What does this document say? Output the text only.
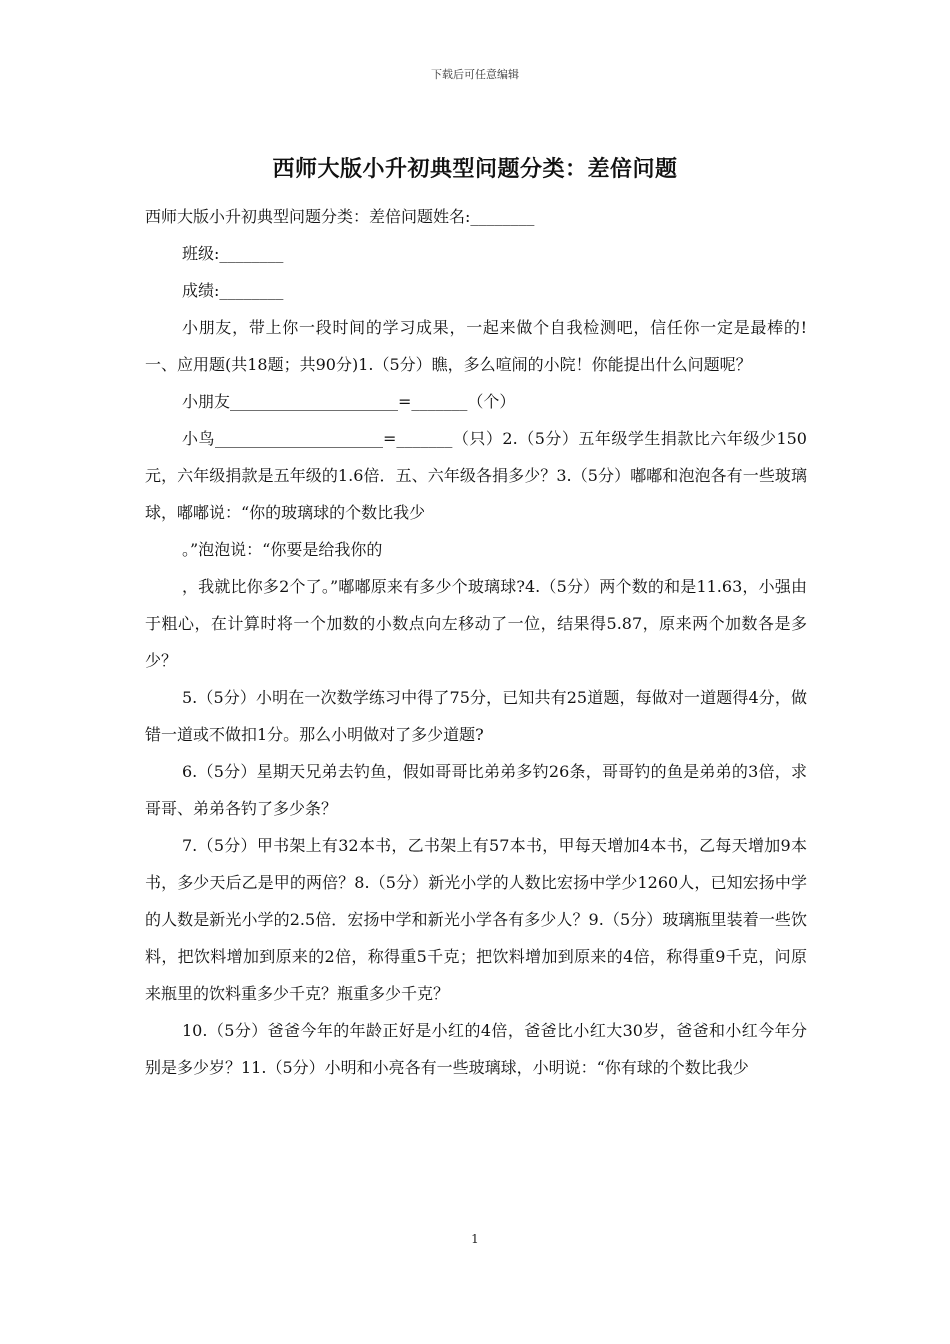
下载后可任意编辑
西师大版小升初典型问题分类：差倍问题

西师大版小升初典型问题分类：差倍问题姓名:________

班级:________

成绩:________

小朋友，带上你一段时间的学习成果，一起来做个自我检测吧，信任你一定是最棒的!一、应用题(共18题；共90分)1.（5分）瞧，多么喧闹的小院！你能提出什么问题呢？

小朋友_____________________=_______（个）

小鸟_____________________=_______（只）2.（5分）五年级学生捐款比六年级少150元，六年级捐款是五年级的1.6倍．五、六年级各捐多少？3.（5分）嘟嘟和泡泡各有一些玻璃球，嘟嘟说：“你的玻璃球的个数比我少

。”泡泡说：“你要是给我你的

，我就比你多2个了。”嘟嘟原来有多少个玻璃球?4.（5分）两个数的和是11.63，小强由于粗心，在计算时将一个加数的小数点向左移动了一位，结果得5.87，原来两个加数各是多少？

5.（5分）小明在一次数学练习中得了75分，已知共有25道题，每做对一道题得4分，做错一道或不做扣1分。那么小明做对了多少道题?

6.（5分）星期天兄弟去钓鱼，假如哥哥比弟弟多钓26条，哥哥钓的鱼是弟弟的3倍，求哥哥、弟弟各钓了多少条？

7.（5分）甲书架上有32本书，乙书架上有57本书，甲每天增加4本书，乙每天增加9本书，多少天后乙是甲的两倍？8.（5分）新光小学的人数比宏扬中学少1260人，已知宏扬中学的人数是新光小学的2.5倍．宏扬中学和新光小学各有多少人？9.（5分）玻璃瓶里装着一些饮料，把饮料增加到原来的2倍，称得重5千克；把饮料增加到原来的4倍，称得重9千克，问原来瓶里的饮料重多少千克？瓶重多少千克？

10.（5分）爸爸今年的年龄正好是小红的4倍，爸爸比小红大30岁，爸爸和小红今年分别是多少岁？11.（5分）小明和小亮各有一些玻璃球，小明说：“你有球的个数比我少

1
